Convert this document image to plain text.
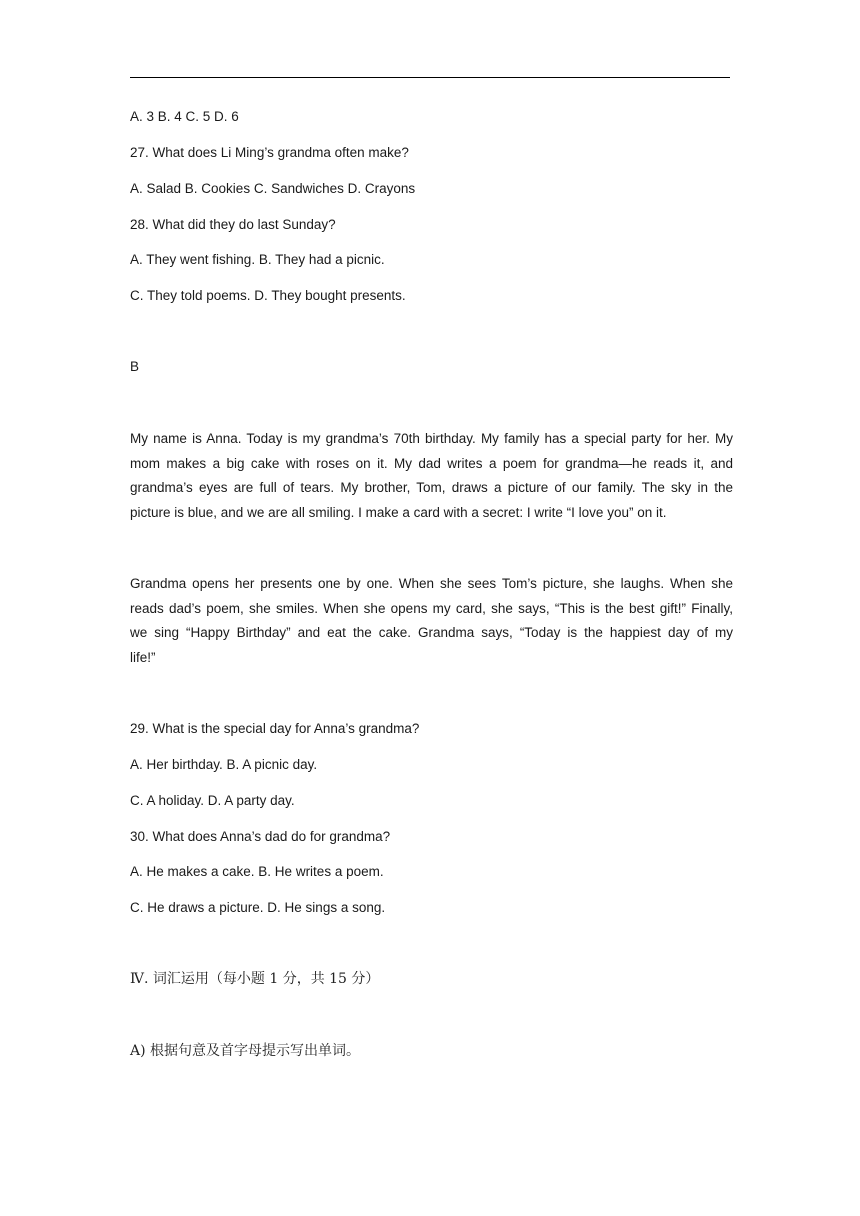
A. 3 B. 4 C. 5 D. 6
27. What does Li Ming’s grandma often make?
A. Salad B. Cookies C. Sandwiches D. Crayons
28. What did they do last Sunday?
A. They went fishing. B. They had a picnic.
C. They told poems. D. They bought presents.
B
My name is Anna. Today is my grandma’s 70th birthday. My family has a special party for her. My
mom makes a big cake with roses on it. My dad writes a poem for grandma—he reads it, and
grandma’s eyes are full of tears. My brother, Tom, draws a picture of our family. The sky in the
picture is blue, and we are all smiling. I make a card with a secret: I write “I love you” on it.
Grandma opens her presents one by one. When she sees Tom’s picture, she laughs. When she
reads dad’s poem, she smiles. When she opens my card, she says, “This is the best gift!” Finally,
we sing “Happy Birthday” and eat the cake. Grandma says, “Today is the happiest day of my
life!”
29. What is the special day for Anna’s grandma?
A. Her birthday. B. A picnic day.
C. A holiday. D. A party day.
30. What does Anna’s dad do for grandma?
A. He makes a cake. B. He writes a poem.
C. He draws a picture. D. He sings a song.
Ⅳ. 词汇运用（每小题 1 分，共 15 分）
A) 根据句意及首字母提示写出单词。
